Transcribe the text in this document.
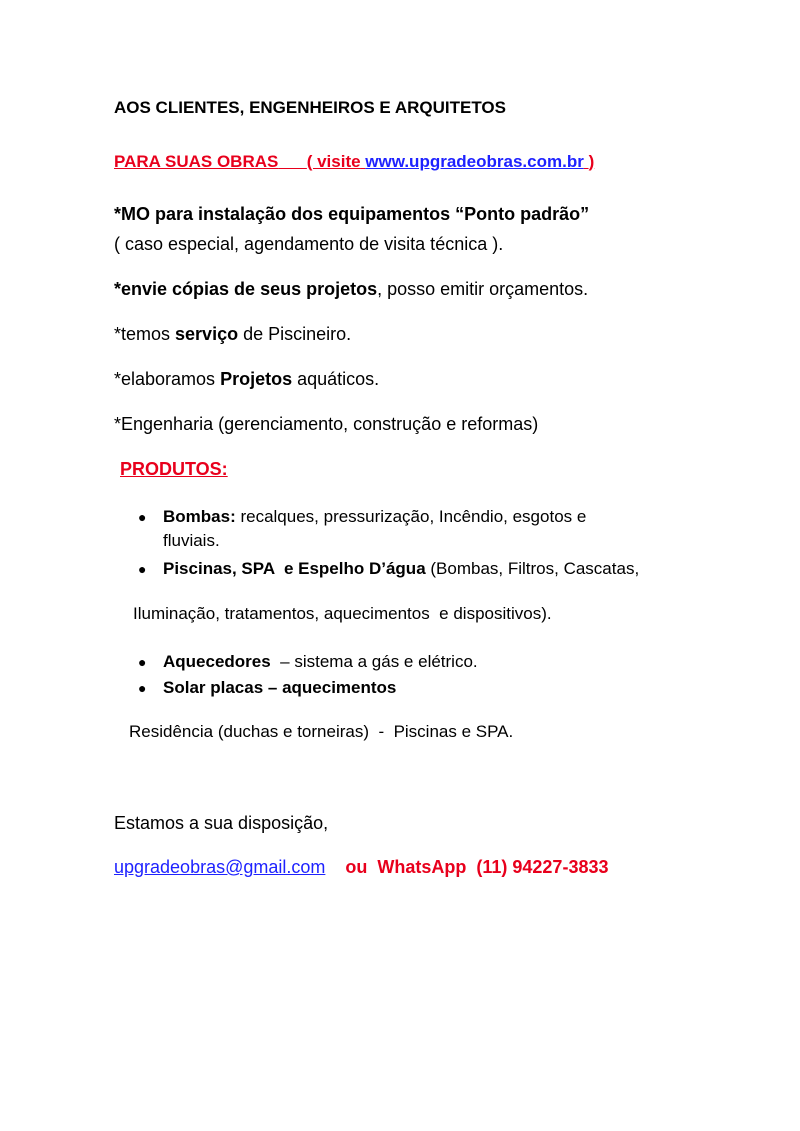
AOS CLIENTES, ENGENHEIROS E ARQUITETOS
PARA SUAS OBRAS ( visite www.upgradeobras.com.br )
*MO para instalação dos equipamentos “Ponto padrão”
( caso especial, agendamento de visita técnica ).
*envie cópias de seus projetos, posso emitir orçamentos.
*temos serviço de Piscineiro.
*elaboramos Projetos aquáticos.
*Engenharia (gerenciamento, construção e reformas)
PRODUTOS:
● Bombas: recalques, pressurização, Incêndio, esgotos e
fluviais.
● Piscinas, SPA  e Espelho D’água (Bombas, Filtros, Cascatas,
Iluminação, tratamentos, aquecimentos  e dispositivos).
● Aquecedores  – sistema a gás e elétrico.
● Solar placas – aquecimentos
Residência (duchas e torneiras)  -  Piscinas e SPA.
Estamos a sua disposição,
upgradeobras@gmail.com ou  WhatsApp  (11) 94227-3833
